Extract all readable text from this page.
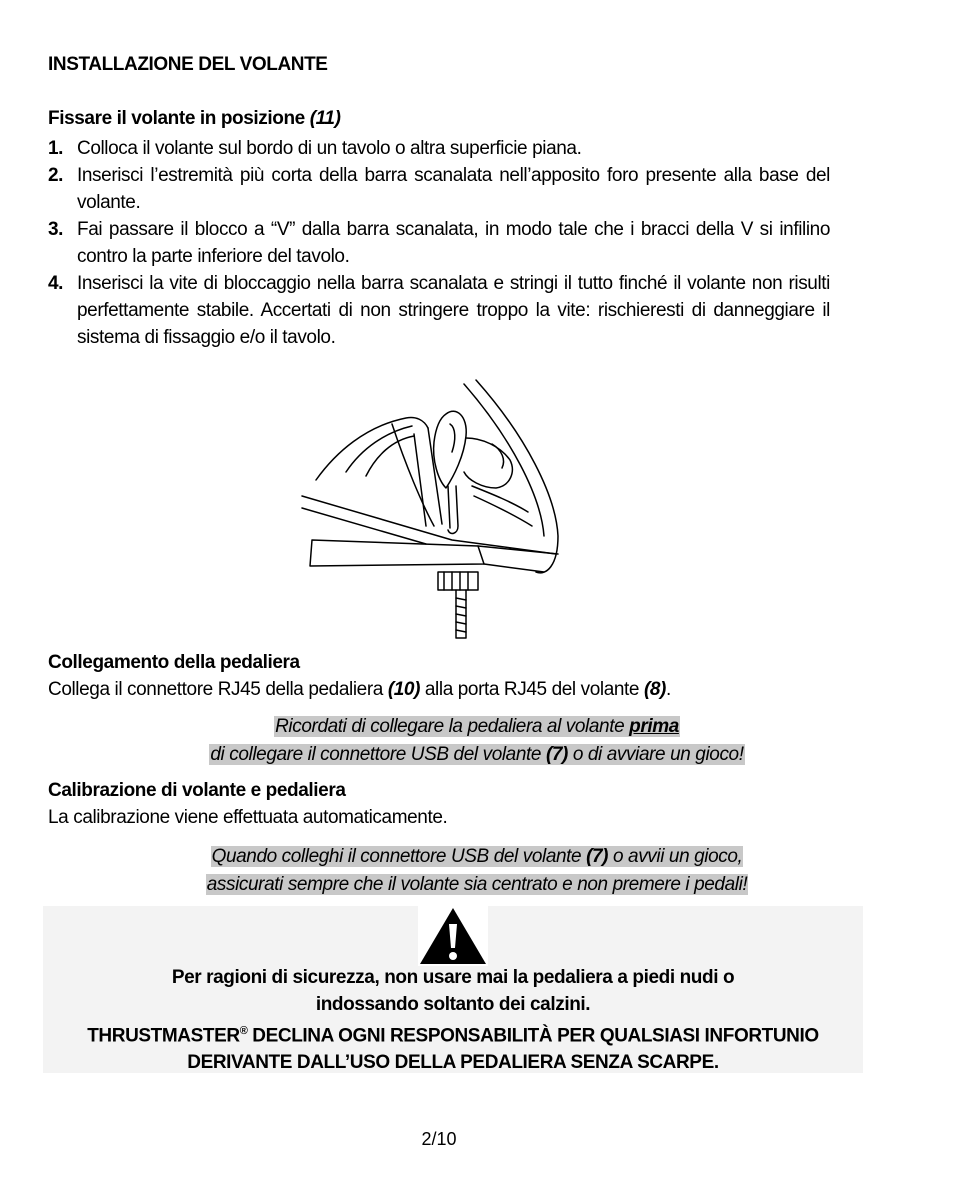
INSTALLAZIONE DEL VOLANTE
Fissare il volante in posizione (11)
1. Colloca il volante sul bordo di un tavolo o altra superficie piana.
2. Inserisci l’estremità più corta della barra scanalata nell’apposito foro presente alla base del volante.
3. Fai passare il blocco a “V” dalla barra scanalata, in modo tale che i bracci della V si infilino contro la parte inferiore del tavolo.
4. Inserisci la vite di bloccaggio nella barra scanalata e stringi il tutto finché il volante non risulti perfettamente stabile. Accertati di non stringere troppo la vite: rischieresti di danneggiare il sistema di fissaggio e/o il tavolo.
Collegamento della pedaliera
Collega il connettore RJ45 della pedaliera (10) alla porta RJ45 del volante (8).
Ricordati di collegare la pedaliera al volante prima
di collegare il connettore USB del volante (7) o di avviare un gioco!
Calibrazione di volante e pedaliera
La calibrazione viene effettuata automaticamente.
Quando colleghi il connettore USB del volante (7) o avvii un gioco,
assicurati sempre che il volante sia centrato e non premere i pedali!
Per ragioni di sicurezza, non usare mai la pedaliera a piedi nudi o
indossando soltanto dei calzini.
THRUSTMASTER® DECLINA OGNI RESPONSABILITÀ PER QUALSIASI INFORTUNIO
DERIVANTE DALL’USO DELLA PEDALIERA SENZA SCARPE.
2/10
